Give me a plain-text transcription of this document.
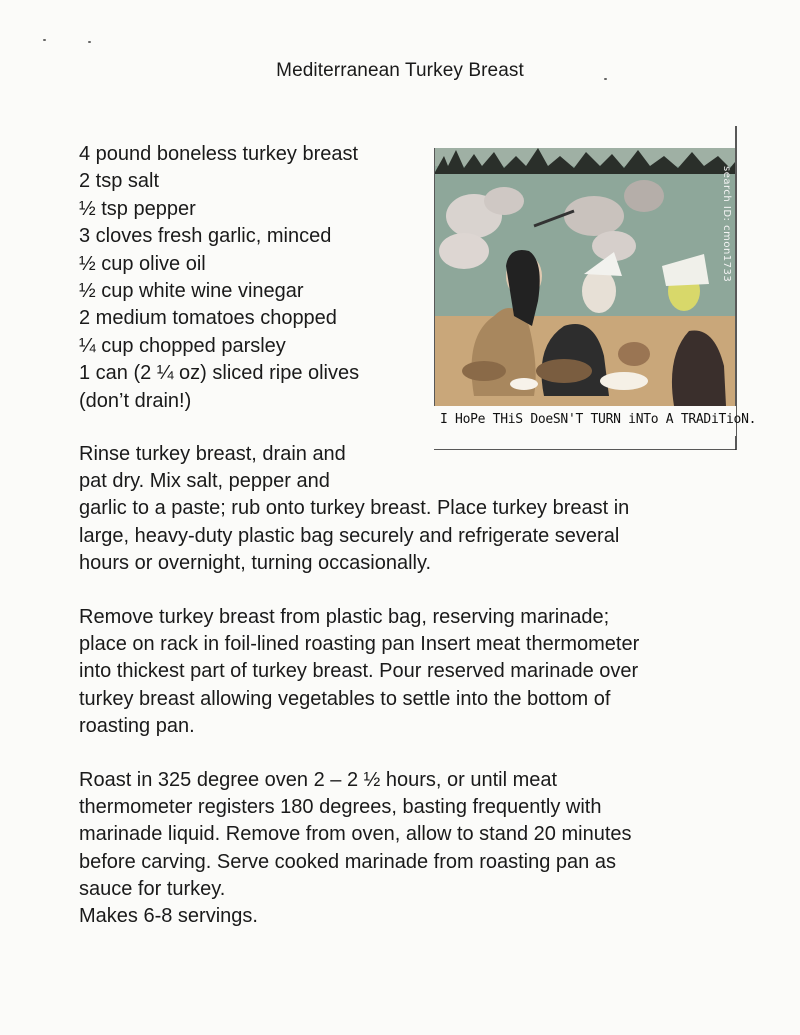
Mediterranean Turkey Breast
4 pound boneless turkey breast
2 tsp salt
½ tsp pepper
3 cloves fresh garlic, minced
½ cup olive oil
½ cup white wine vinegar
2 medium tomatoes chopped
¼ cup chopped parsley
1 can (2 ¼ oz) sliced ripe olives
(don’t drain!)
search ID: cmon1733
I HoPe THiS DoeSN'T TURN iNTo A TRADiTioN.
Rinse turkey breast, drain and
pat dry. Mix salt, pepper and
garlic to a paste; rub onto turkey breast. Place turkey breast in
large, heavy-duty plastic bag securely and refrigerate several
hours or overnight, turning occasionally.
Remove turkey breast from plastic bag, reserving marinade;
place on rack in foil-lined roasting pan Insert meat thermometer
into thickest part of turkey breast. Pour reserved marinade over
turkey breast allowing vegetables to settle into the bottom of
roasting pan.
Roast in 325 degree oven 2 – 2 ½ hours, or until meat
thermometer registers 180 degrees, basting frequently with
marinade liquid. Remove from oven, allow to stand 20 minutes
before carving. Serve cooked marinade from roasting pan as
sauce for turkey.
Makes 6-8 servings.
